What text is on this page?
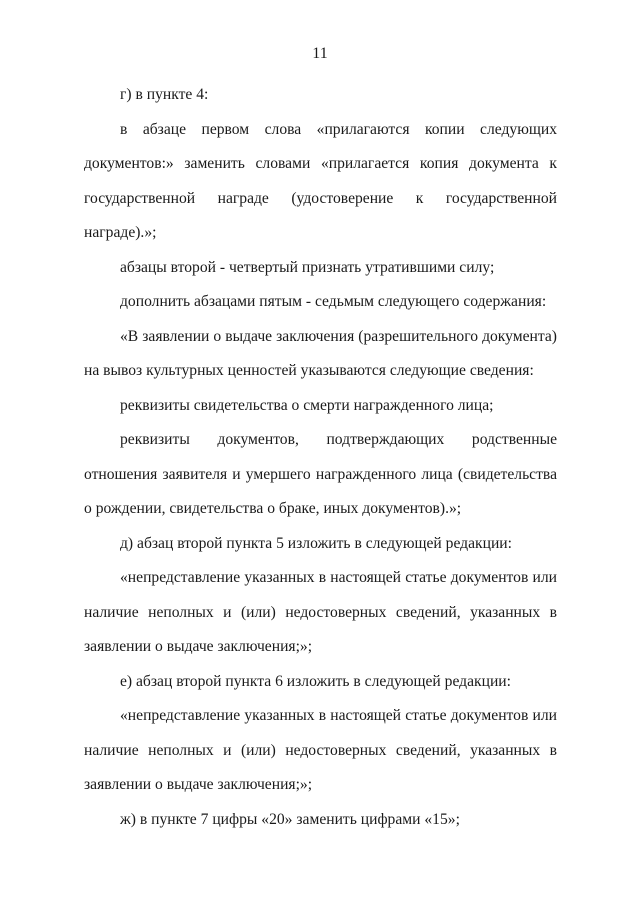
11

г) в пункте 4:

в абзаце первом слова «прилагаются копии следующих документов:» заменить словами «прилагается копия документа к государственной награде (удостоверение к государственной награде).»;

абзацы второй - четвертый признать утратившими силу;

дополнить абзацами пятым - седьмым следующего содержания:

«В заявлении о выдаче заключения (разрешительного документа) на вывоз культурных ценностей указываются следующие сведения:

реквизиты свидетельства о смерти награжденного лица;

реквизиты документов, подтверждающих родственные отношения заявителя и умершего награжденного лица (свидетельства о рождении, свидетельства о браке, иных документов).»;

д) абзац второй пункта 5 изложить в следующей редакции:

«непредставление указанных в настоящей статье документов или наличие неполных и (или) недостоверных сведений, указанных в заявлении о выдаче заключения;»;

е) абзац второй пункта 6 изложить в следующей редакции:

«непредставление указанных в настоящей статье документов или наличие неполных и (или) недостоверных сведений, указанных в заявлении о выдаче заключения;»;

ж) в пункте 7 цифры «20» заменить цифрами «15»;
